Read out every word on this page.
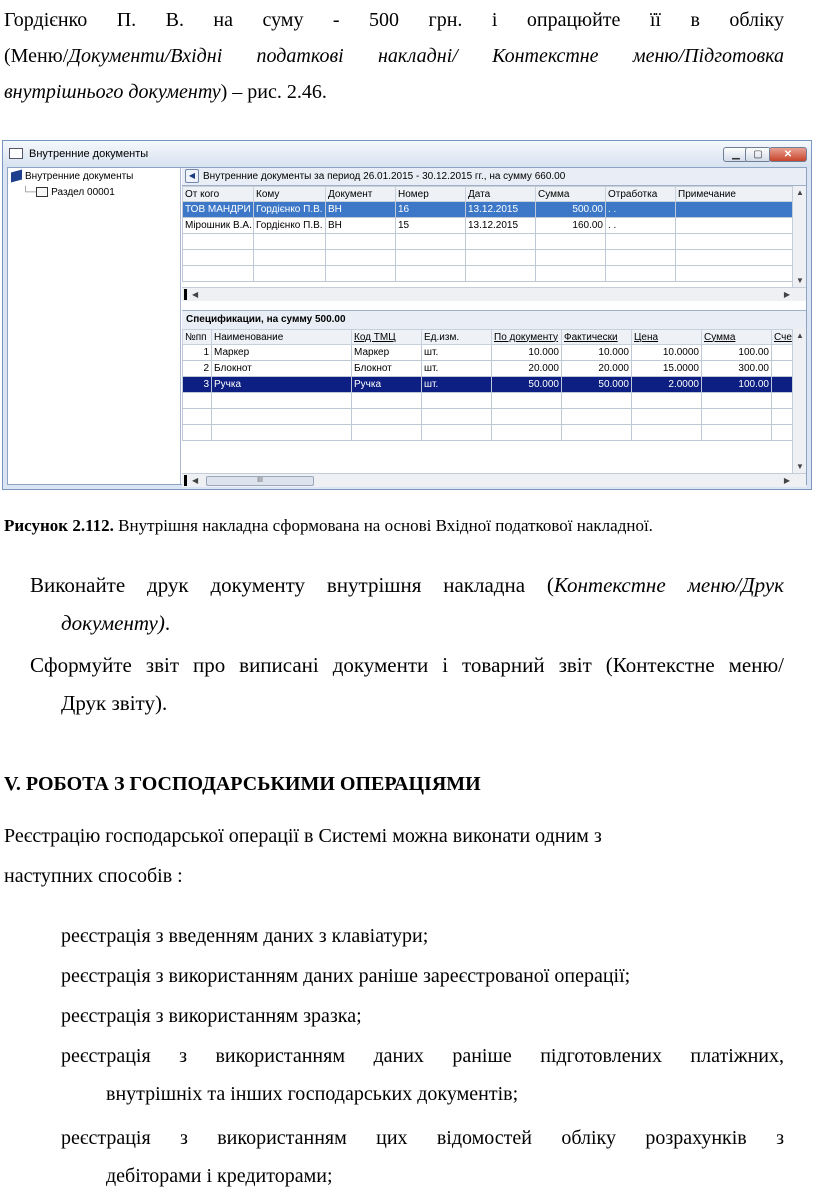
Гордієнко П. В. на суму - 500 грн. і опрацюйте її в обліку
(Меню/Документи/Вхідні податкові накладні/ Контекстне меню/Підготовка
внутрішнього документу) – рис. 2.46.
Внутренние документы	▁	▢	✕
Внутренние документы
└─ Раздел 00001
◀ Внутренние документы за период 26.01.2015 - 30.12.2015 гг., на сумму 660.00
От кого	Кому	Документ	Номер	Дата	Сумма	Отработка	Примечание
ТОВ МАНДРИ	Гордієнко П.В.	ВН	16	13.12.2015	500.00	. .	
Мірошник В.А.	Гордієнко П.В.	ВН	15	13.12.2015	160.00	. .	

▲
▼
◀	▶
Спецификации, на сумму 500.00
№пп	Наименование	Код ТМЦ	Ед.изм.	По документу	Фактически	Цена	Сумма	Сче
1	Маркер	Маркер	шт.	10.000	10.000	10.0000	100.00	
2	Блокнот	Блокнот	шт.	20.000	20.000	15.0000	300.00	
3	Ручка	Ручка	шт.	50.000	50.000	2.0000	100.00	

▲
▼
◀	III	▶
Рисунок 2.112. Внутрішня накладна сформована на основі Вхідної податкової накладної.
Виконайте друк документу внутрішня накладна (Контекстне меню/Друк
документу).
Сформуйте звіт про виписані документи і товарний звіт (Контекстне меню/
Друк звіту).
V. РОБОТА З ГОСПОДАРСЬКИМИ ОПЕРАЦІЯМИ
Реєстрацію господарської операції в Системі можна виконати одним з
наступних способів :
реєстрація з введенням даних з клавіатури;
реєстрація з використанням даних раніше зареєстрованої операції;
реєстрація з використанням зразка;
реєстрація з використанням даних раніше підготовлених платіжних,
внутрішніх та інших господарських документів;
реєстрація з використанням цих відомостей обліку розрахунків з
дебіторами і кредиторами;
